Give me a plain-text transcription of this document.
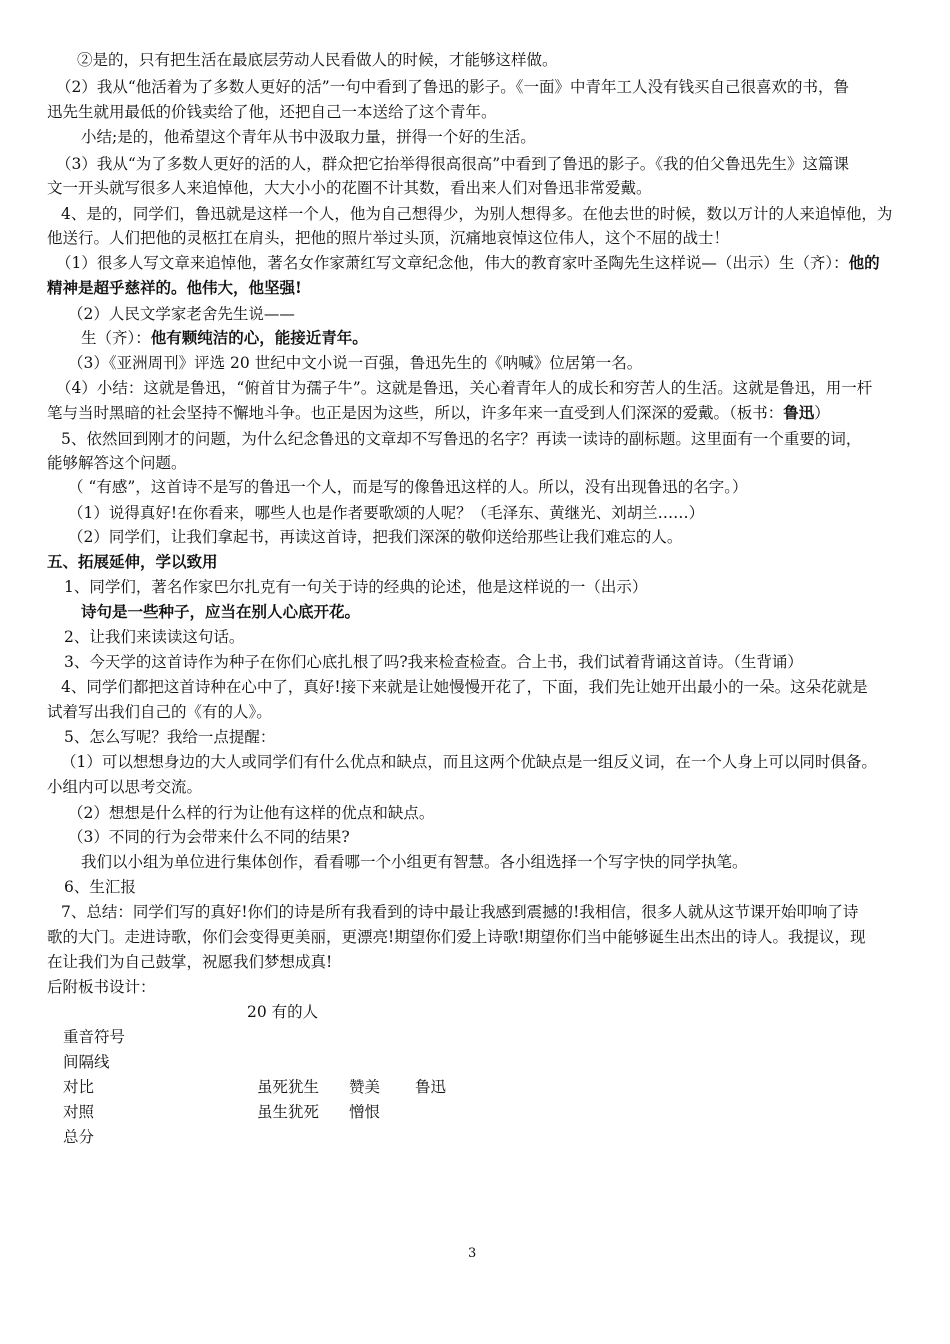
②是的，只有把生活在最底层劳动人民看做人的时候，才能够这样做。
（2）我从“他活着为了多数人更好的活”一句中看到了鲁迅的影子。《一面》中青年工人没有钱买自己很喜欢的书，鲁
迅先生就用最低的价钱卖给了他，还把自己一本送给了这个青年。
小结;是的，他希望这个青年从书中汲取力量，拼得一个好的生活。
（3）我从“为了多数人更好的活的人，群众把它抬举得很高很高”中看到了鲁迅的影子。《我的伯父鲁迅先生》这篇课
文一开头就写很多人来追悼他，大大小小的花圈不计其数，看出来人们对鲁迅非常爱戴。
4、是的，同学们，鲁迅就是这样一个人，他为自己想得少，为别人想得多。在他去世的时候，数以万计的人来追悼他，为
他送行。人们把他的灵柩扛在肩头，把他的照片举过头顶，沉痛地哀悼这位伟人，这个不屈的战士！
（1）很多人写文章来追悼他，著名女作家萧红写文章纪念他，伟大的教育家叶圣陶先生这样说—（出示）生（齐）：他的
精神是超乎慈祥的。他伟大，他坚强!
（2）人民文学家老舍先生说——
生（齐）：他有颗纯洁的心，能接近青年。
（3）《亚洲周刊》评选 20 世纪中文小说一百强，鲁迅先生的《呐喊》位居第一名。
（4）小结：这就是鲁迅，“俯首甘为孺子牛”。这就是鲁迅，关心着青年人的成长和穷苦人的生活。这就是鲁迅，用一杆
笔与当时黑暗的社会坚持不懈地斗争。也正是因为这些，所以，许多年来一直受到人们深深的爱戴。（板书：鲁迅）
5、依然回到刚才的问题，为什么纪念鲁迅的文章却不写鲁迅的名字？再读一读诗的副标题。这里面有一个重要的词，
能够解答这个问题。
（ “有感”，这首诗不是写的鲁迅一个人，而是写的像鲁迅这样的人。所以，没有出现鲁迅的名字。）
（1）说得真好!在你看来，哪些人也是作者要歌颂的人呢？（毛泽东、黄继光、刘胡兰……）
（2）同学们，让我们拿起书，再读这首诗，把我们深深的敬仰送给那些让我们难忘的人。
五、拓展延伸，学以致用
1、同学们，著名作家巴尔扎克有一句关于诗的经典的论述，他是这样说的一（出示）
诗句是一些种子，应当在别人心底开花。
2、让我们来读读这句话。
3、今天学的这首诗作为种子在你们心底扎根了吗?我来检查检查。合上书，我们试着背诵这首诗。（生背诵）
4、同学们都把这首诗种在心中了，真好!接下来就是让她慢慢开花了，下面，我们先让她开出最小的一朵。这朵花就是
试着写出我们自己的《有的人》。
5、怎么写呢？我给一点提醒：
（1）可以想想身边的大人或同学们有什么优点和缺点，而且这两个优缺点是一组反义词，在一个人身上可以同时俱备。
小组内可以思考交流。
（2）想想是什么样的行为让他有这样的优点和缺点。
（3）不同的行为会带来什么不同的结果?
我们以小组为单位进行集体创作，看看哪一个小组更有智慧。各小组选择一个写字快的同学执笔。
6、生汇报
7、总结：同学们写的真好!你们的诗是所有我看到的诗中最让我感到震撼的!我相信，很多人就从这节课开始叩响了诗
歌的大门。走进诗歌，你们会变得更美丽，更漂亮!期望你们爱上诗歌!期望你们当中能够诞生出杰出的诗人。我提议，现
在让我们为自己鼓掌，祝愿我们梦想成真!
后附板书设计：
20 有的人
重音符号
间隔线
对比
对照
总分
虽死犹生 赞美 鲁迅
虽生犹死 憎恨
3
